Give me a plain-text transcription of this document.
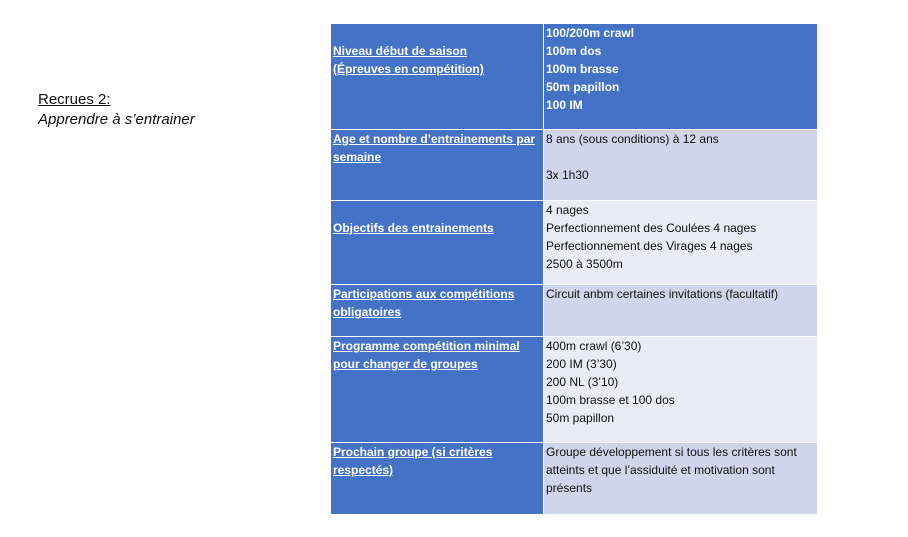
Recrues 2:
Apprendre à s’entrainer
Niveau début de saison
(Épreuves en compétition)	100/200m crawl
100m dos
100m brasse
50m papillon
100 IM

Age et nombre d’entrainements par
semaine	8 ans (sous conditions) à 12 ans
3x 1h30

Objectifs des entrainements	4 nages
Perfectionnement des Coulées 4 nages
Perfectionnement des Virages 4 nages
2500 à 3500m

Participations aux compétitions
obligatoires	Circuit anbm certaines invitations (facultatif)

Programme compétition minimal
pour changer de groupes	400m crawl (6’30)
200 IM (3’30)
200 NL (3’10)
100m brasse et 100 dos
50m papillon

Prochain groupe (si critères
respectés)	Groupe développement si tous les critères sont
atteints et que l’assiduité et motivation sont
présents
